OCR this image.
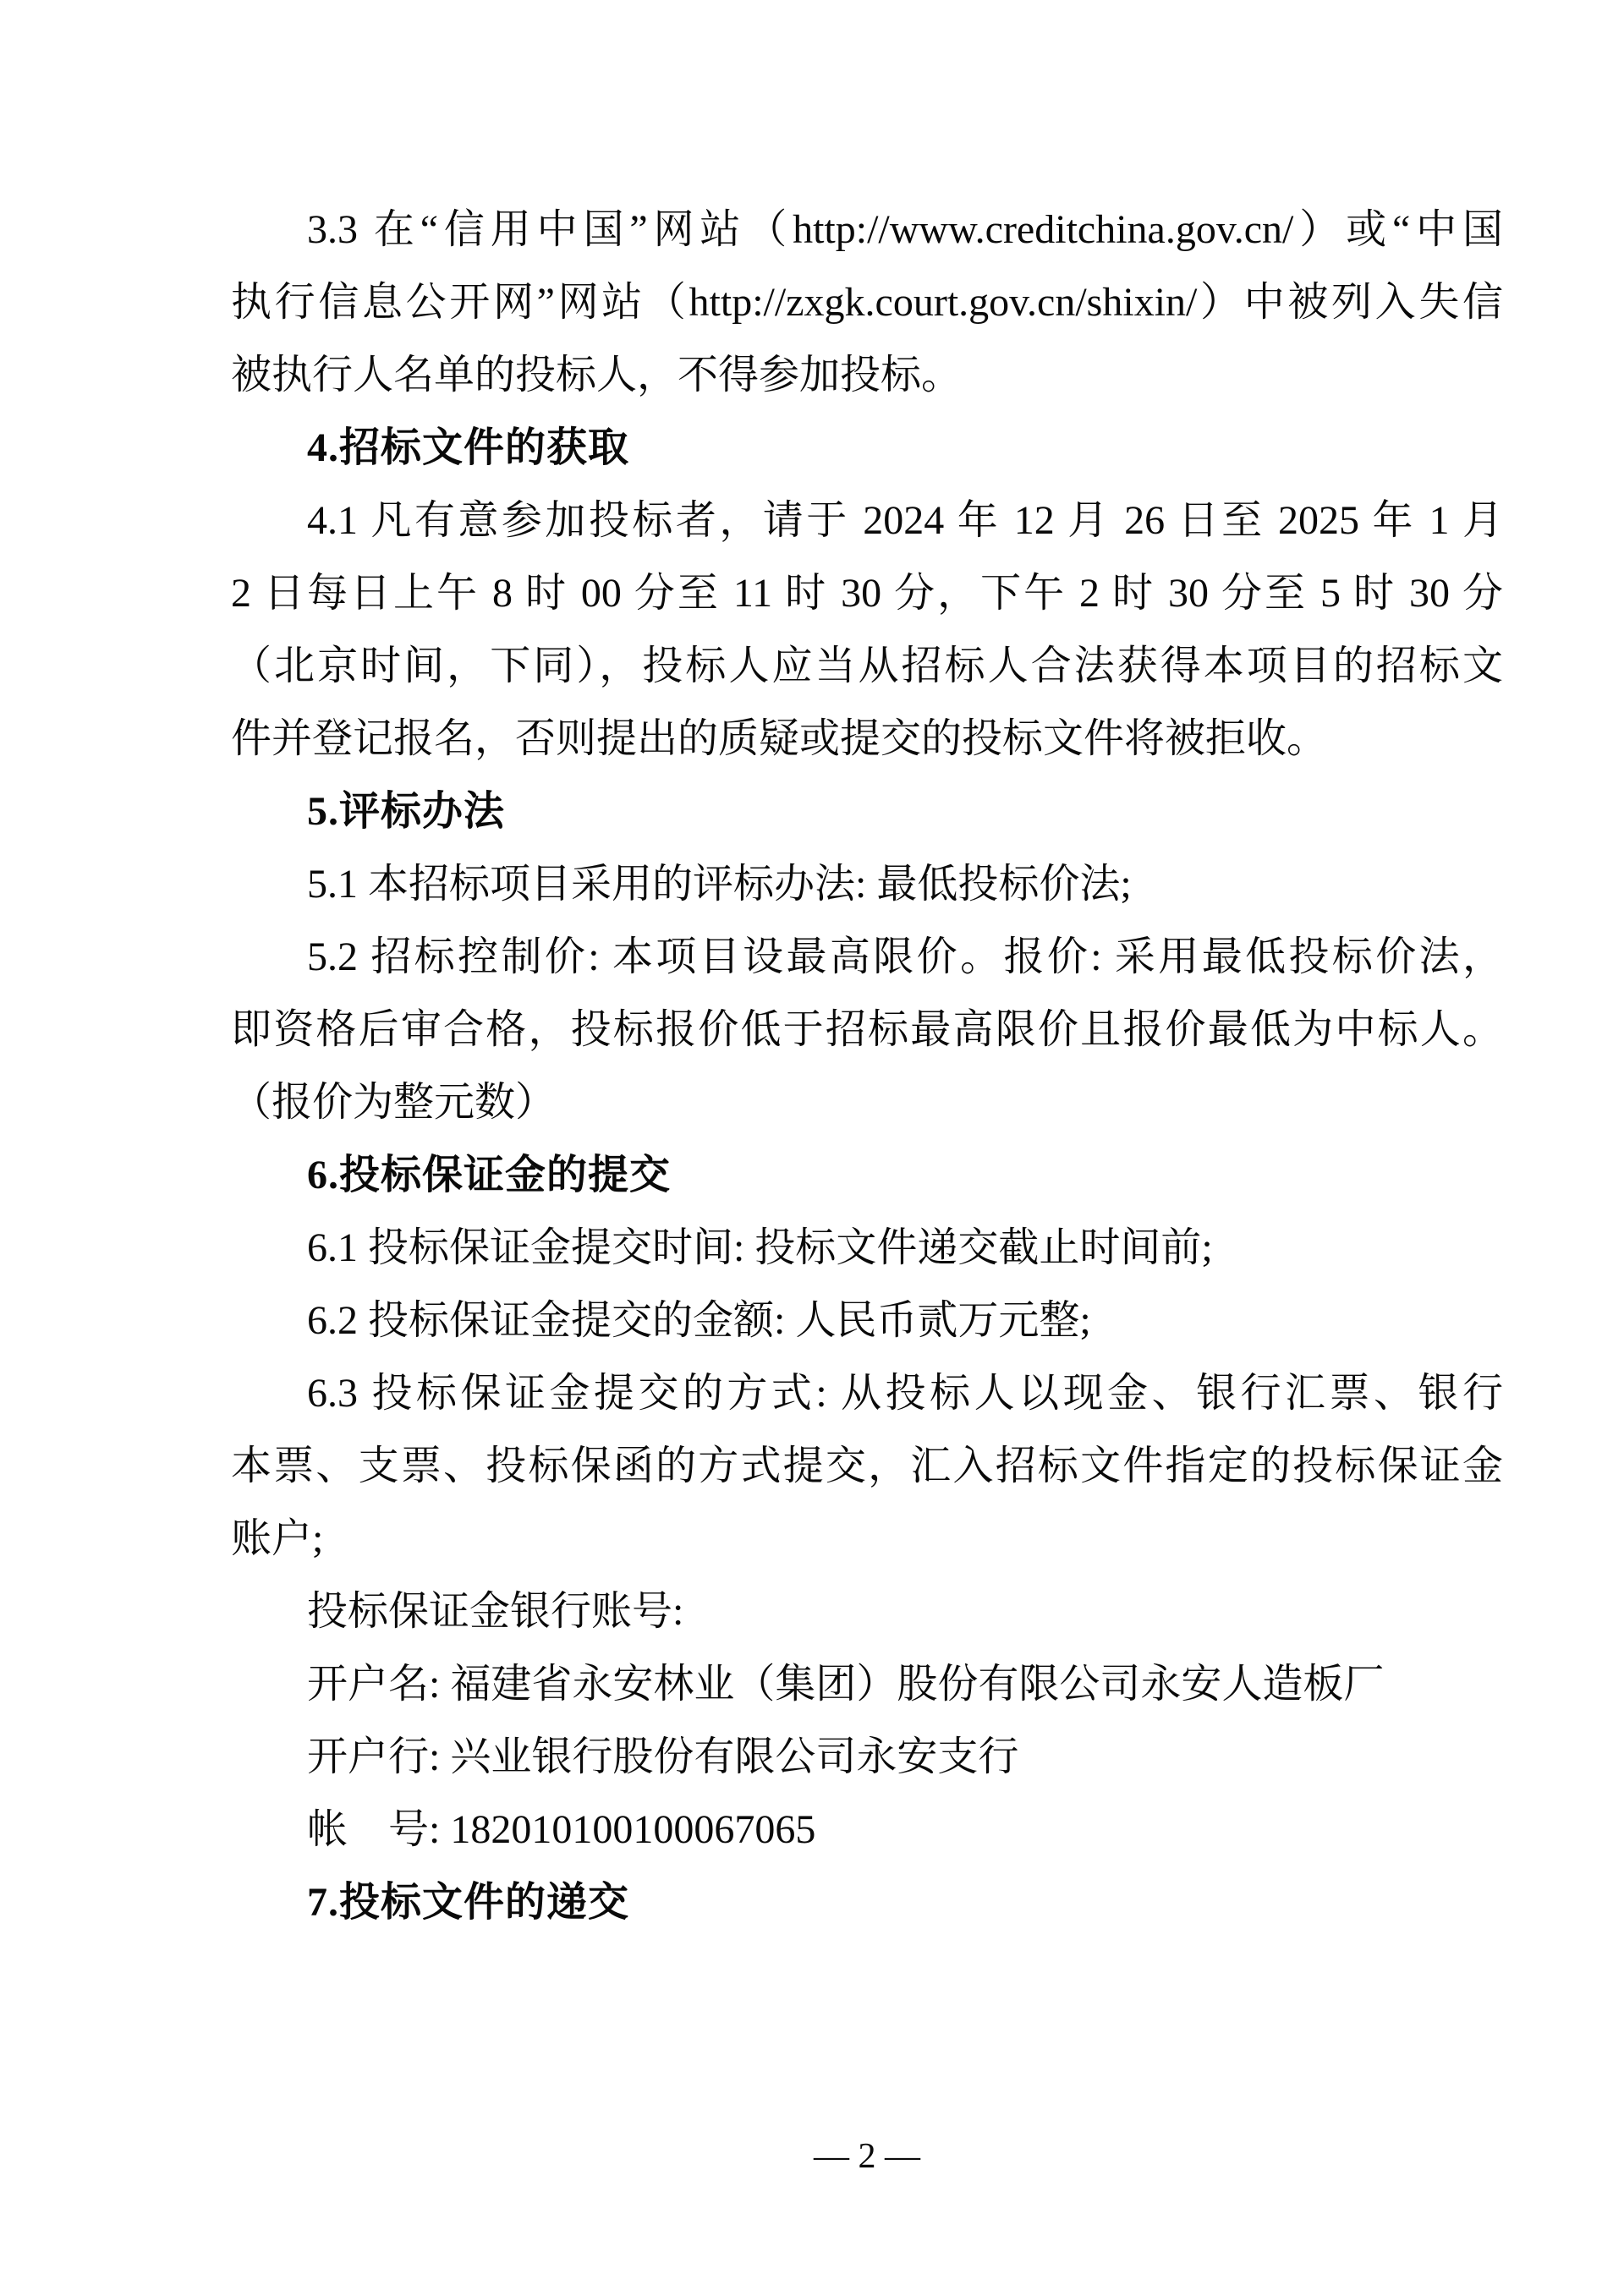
3.3 在“信用中国”网站（http://www.creditchina.gov.cn/）或“中国
执行信息公开网”网站（http://zxgk.court.gov.cn/shixin/）中被列入失信
被执行人名单的投标人，不得参加投标。
4.招标文件的获取
4.1 凡有意参加投标者，请于 2024 年 12 月 26 日至 2025 年 1 月
2 日每日上午 8 时 00 分至 11 时 30 分，下午 2 时 30 分至 5 时 30 分
（北京时间，下同），投标人应当从招标人合法获得本项目的招标文
件并登记报名，否则提出的质疑或提交的投标文件将被拒收。
5.评标办法
5.1 本招标项目采用的评标办法: 最低投标价法;
5.2 招标控制价: 本项目设最高限价。报价: 采用最低投标价法，
即资格后审合格，投标报价低于招标最高限价且报价最低为中标人。
（报价为整元数）
6.投标保证金的提交
6.1 投标保证金提交时间: 投标文件递交截止时间前;
6.2 投标保证金提交的金额: 人民币贰万元整;
6.3 投标保证金提交的方式: 从投标人以现金、银行汇票、银行
本票、支票、投标保函的方式提交，汇入招标文件指定的投标保证金
账户;
投标保证金银行账号:
开户名: 福建省永安林业（集团）股份有限公司永安人造板厂
开户行: 兴业银行股份有限公司永安支行
帐　号: 182010100100067065
7.投标文件的递交
— 2 —
